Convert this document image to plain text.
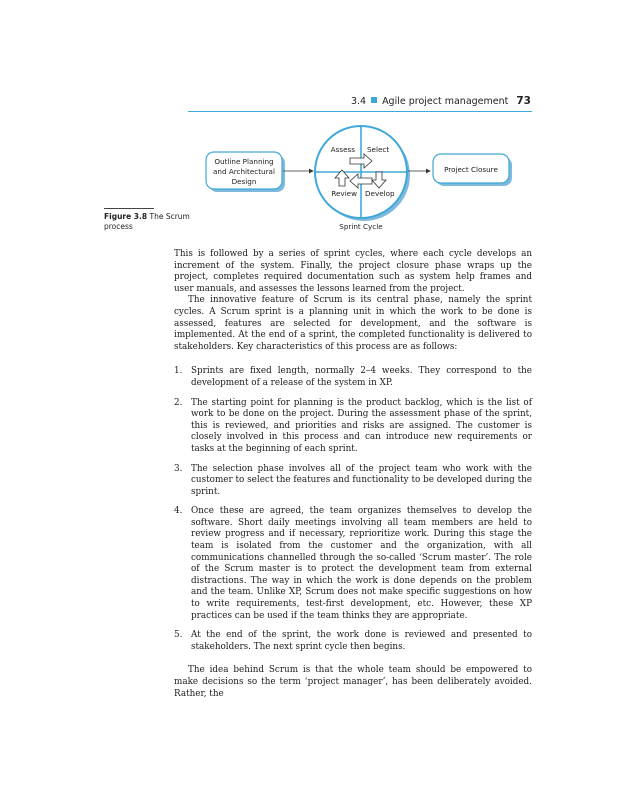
3.4 Agile project management 73
Figure 3.8 The Scrum process
Outline Planning
and Architectural
Design
Assess Select
Review Develop
Sprint Cycle
Project Closure

This is followed by a series of sprint cycles, where each cycle develops an increment of the system. Finally, the project closure phase wraps up the project, completes required documentation such as system help frames and user manuals, and assesses the lessons learned from the project.

The innovative feature of Scrum is its central phase, namely the sprint cycles. A Scrum sprint is a planning unit in which the work to be done is assessed, features are selected for development, and the software is implemented. At the end of a sprint, the completed functionality is delivered to stakeholders. Key characteristics of this process are as follows:

1. Sprints are fixed length, normally 2–4 weeks. They correspond to the development of a release of the system in XP.
2. The starting point for planning is the product backlog, which is the list of work to be done on the project. During the assessment phase of the sprint, this is reviewed, and priorities and risks are assigned. The customer is closely involved in this process and can introduce new requirements or tasks at the beginning of each sprint.
3. The selection phase involves all of the project team who work with the customer to select the features and functionality to be developed during the sprint.
4. Once these are agreed, the team organizes themselves to develop the software. Short daily meetings involving all team members are held to review progress and if necessary, reprioritize work. During this stage the team is isolated from the customer and the organization, with all communications channelled through the so-called ‘Scrum master’. The role of the Scrum master is to protect the development team from external distractions. The way in which the work is done depends on the problem and the team. Unlike XP, Scrum does not make specific suggestions on how to write requirements, test-first development, etc. However, these XP practices can be used if the team thinks they are appropriate.
5. At the end of the sprint, the work done is reviewed and presented to stakeholders. The next sprint cycle then begins.

The idea behind Scrum is that the whole team should be empowered to make decisions so the term ‘project manager’, has been deliberately avoided. Rather, the
